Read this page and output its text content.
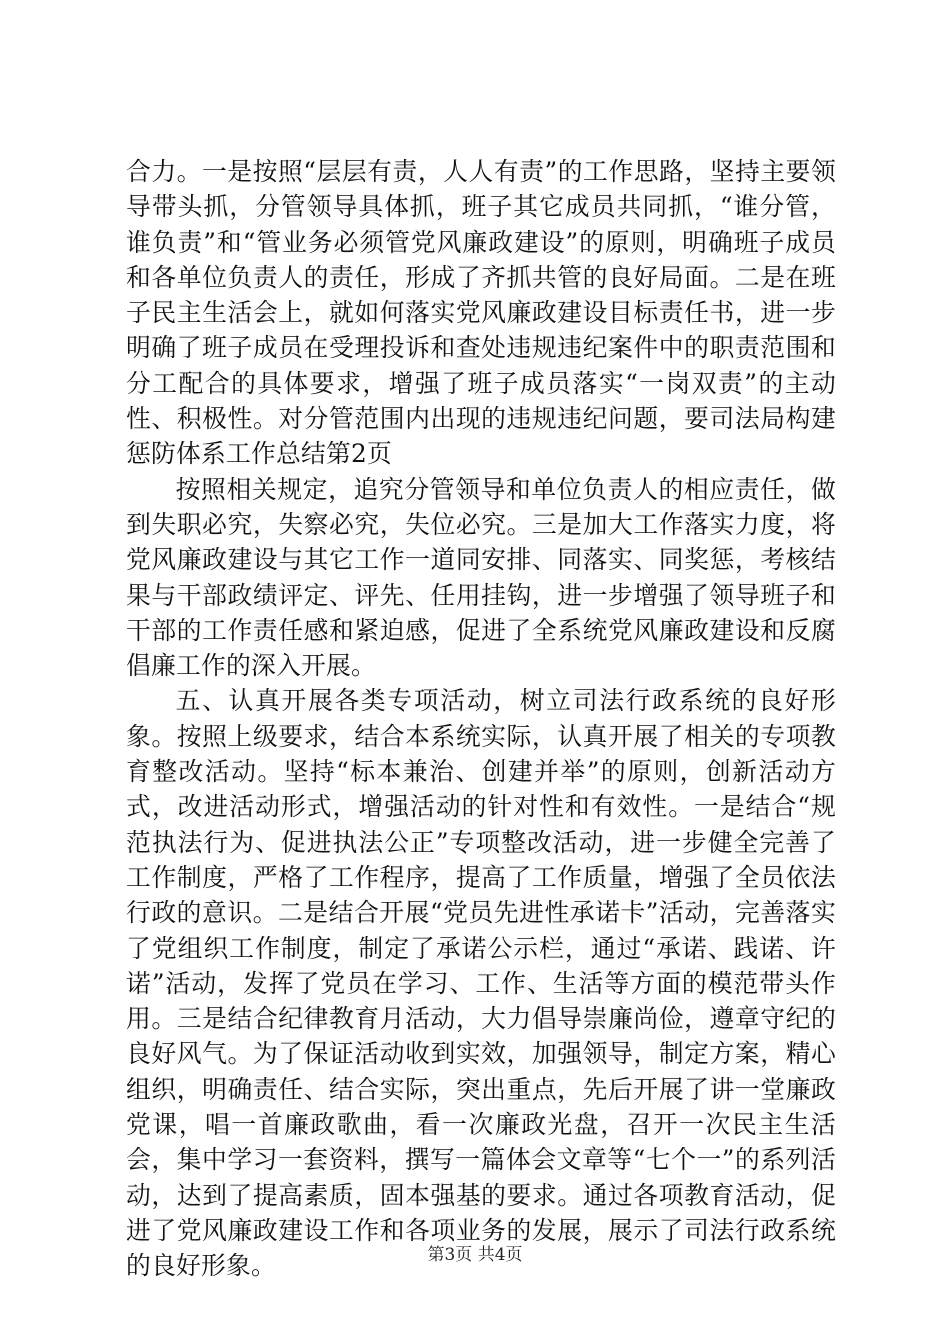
合力。一是按照“层层有责，人人有责”的工作思路，坚持主要领导带头抓，分管领导具体抓，班子其它成员共同抓，“谁分管，谁负责”和“管业务必须管党风廉政建设”的原则，明确班子成员和各单位负责人的责任，形成了齐抓共管的良好局面。二是在班子民主生活会上，就如何落实党风廉政建设目标责任书，进一步明确了班子成员在受理投诉和查处违规违纪案件中的职责范围和分工配合的具体要求，增强了班子成员落实“一岗双责”的主动性、积极性。对分管范围内出现的违规违纪问题，要司法局构建惩防体系工作总结第2页

按照相关规定，追究分管领导和单位负责人的相应责任，做到失职必究，失察必究，失位必究。三是加大工作落实力度，将党风廉政建设与其它工作一道同安排、同落实、同奖惩，考核结果与干部政绩评定、评先、任用挂钩，进一步增强了领导班子和干部的工作责任感和紧迫感，促进了全系统党风廉政建设和反腐倡廉工作的深入开展。

五、认真开展各类专项活动，树立司法行政系统的良好形象。按照上级要求，结合本系统实际，认真开展了相关的专项教育整改活动。坚持“标本兼治、创建并举”的原则，创新活动方式，改进活动形式，增强活动的针对性和有效性。一是结合“规范执法行为、促进执法公正”专项整改活动，进一步健全完善了工作制度，严格了工作程序，提高了工作质量，增强了全员依法行政的意识。二是结合开展“党员先进性承诺卡”活动，完善落实了党组织工作制度，制定了承诺公示栏，通过“承诺、践诺、许诺”活动，发挥了党员在学习、工作、生活等方面的模范带头作用。三是结合纪律教育月活动，大力倡导崇廉尚俭，遵章守纪的良好风气。为了保证活动收到实效，加强领导，制定方案，精心组织，明确责任、结合实际，突出重点，先后开展了讲一堂廉政党课，唱一首廉政歌曲，看一次廉政光盘，召开一次民主生活会，集中学习一套资料，撰写一篇体会文章等“七个一”的系列活动，达到了提高素质，固本强基的要求。通过各项教育活动，促进了党风廉政建设工作和各项业务的发展，展示了司法行政系统的良好形象。	第3页 共4页
